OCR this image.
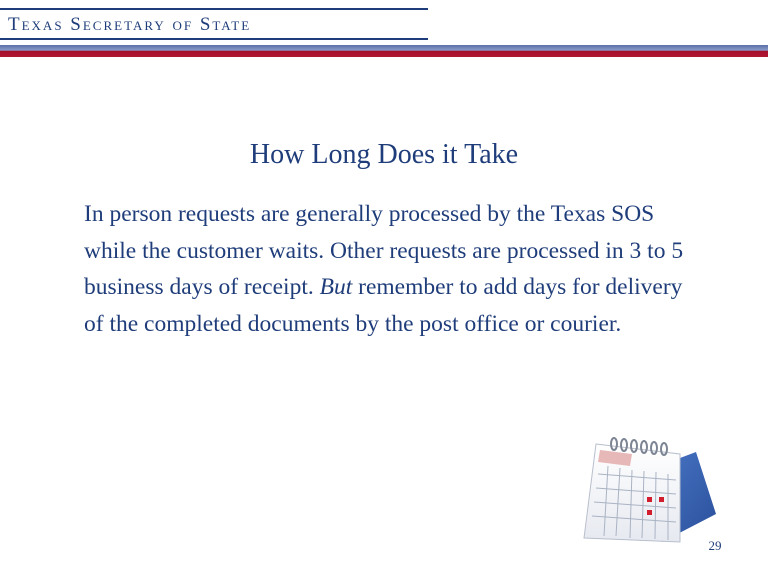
Texas Secretary of State
How Long Does it Take
In person requests are generally processed by the Texas SOS while the customer waits. Other requests are processed in 3 to 5 business days of receipt. But remember to add days for delivery of the completed documents by the post office or courier.
29
